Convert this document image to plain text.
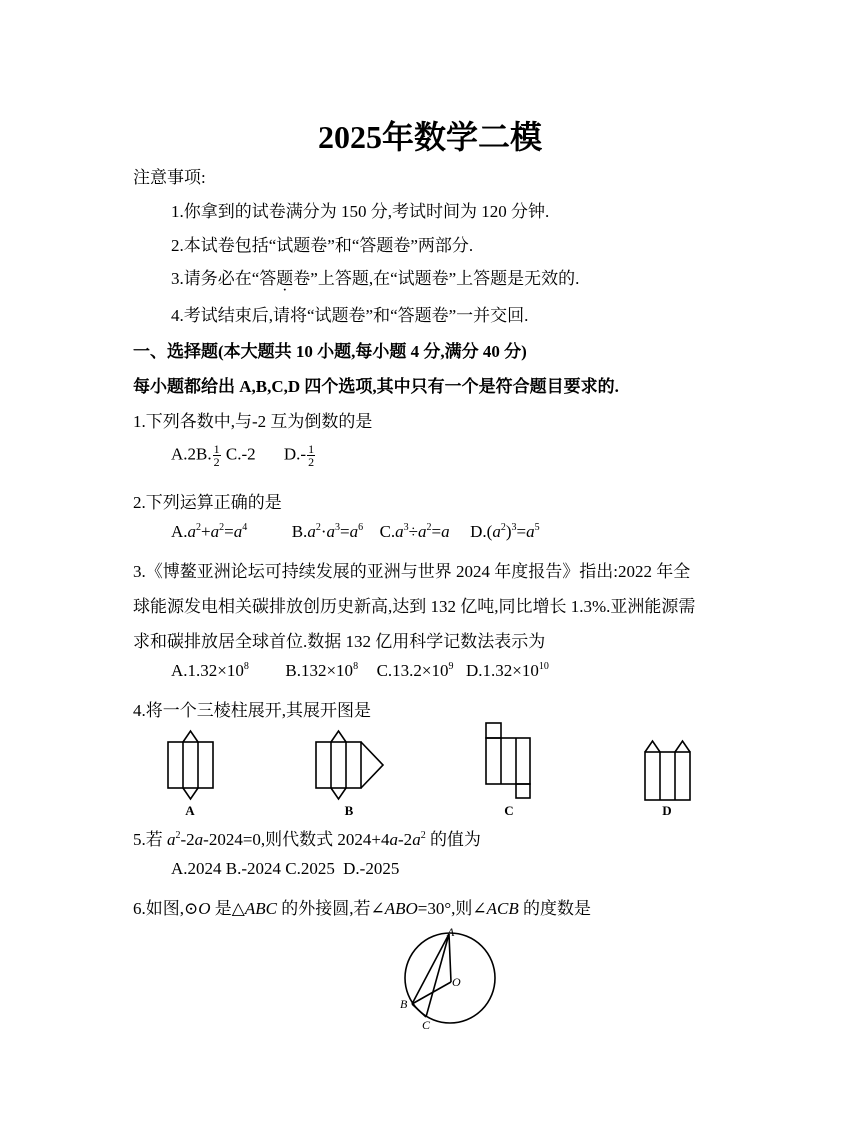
2025年数学二模
注意事项:
1.你拿到的试卷满分为 150 分,考试时间为 120 分钟.
2.本试卷包括“试题卷”和“答题卷”两部分.
3.请务必在“答题卷”上答题,在“试题卷”上答题是无效的.
4.考试结束后,请将“试题卷”和“答题卷”一并交回.
一、选择题(本大题共 10 小题,每小题 4 分,满分 40 分)
每小题都给出 A,B,C,D 四个选项,其中只有一个是符合题目要求的.
1.下列各数中,与-2 互为倒数的是
A.2B. $\frac{1}{2} C.-2$ $D.- \frac{1}{2}$
2.下列运算正确的是
$A.a^2+a^2=a^4$	$B.a^2\cdot a^3=a^6$ $C.a^3\div a^2=a$ $D.(a^2)^3=a^5$
3.《博鳌亚洲论坛可持续发展的亚洲与世界 2024 年度报告》指出:2022 年全
球能源发电相关碳排放创历史新高,达到 132 亿吨,同比增长 1.3%.亚洲能源需
求和碳排放居全球首位.数据 132 亿用科学记数法表示为
$A.1.32\times 10^8$ $B.132\times 10^8$ $C.13.2\times 10^9$ $D.1.32\times 10^{10}$
4.将一个三棱柱展开,其展开图是
A	B	C	D
A
B
C
O
5.若 $a^2-2a-2024=0$,则代数式 $2024+4a-2a^2$ 的值为
A.2024 B.-2024 C.2025 D.-2025
6.如图,⊙O 是△ABC 的外接圆,若∠ABO=30°,则∠ACB 的度数是
